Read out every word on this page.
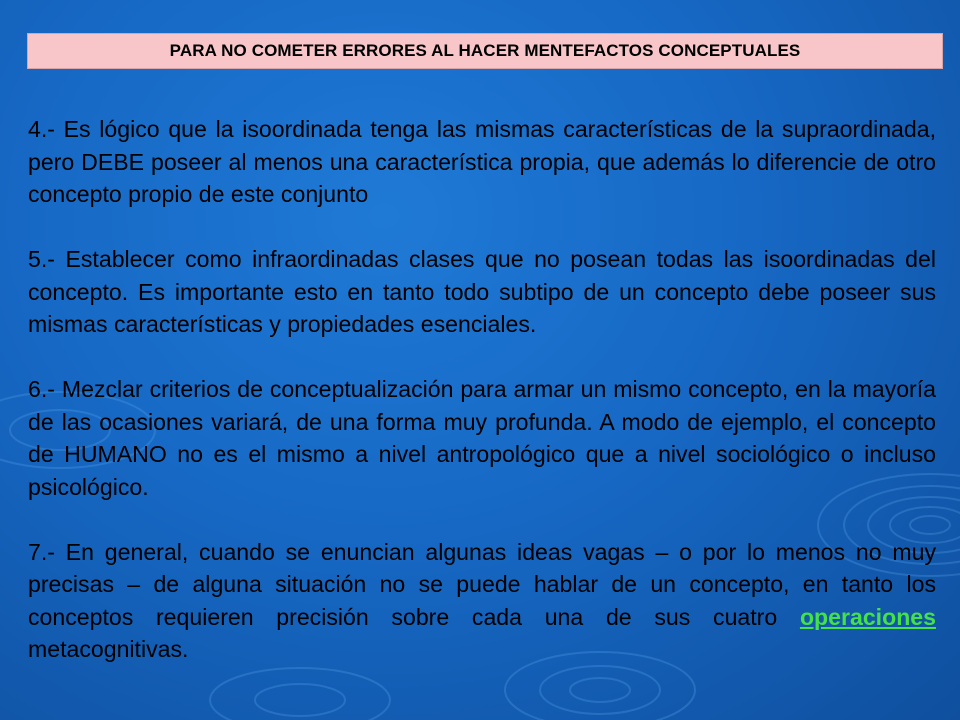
PARA NO COMETER ERRORES AL HACER MENTEFACTOS CONCEPTUALES

4.- Es lógico que la isoordinada tenga las mismas características de la supraordinada, pero DEBE poseer al menos una característica propia, que además lo diferencie de otro concepto propio de este conjunto

5.- Establecer como infraordinadas clases que no posean todas las isoordinadas del concepto. Es importante esto en tanto todo subtipo de un concepto debe poseer sus mismas características y propiedades esenciales.

6.- Mezclar criterios de conceptualización para armar un mismo concepto, en la mayoría de las ocasiones variará, de una forma muy profunda. A modo de ejemplo, el concepto de HUMANO no es el mismo a nivel antropológico que a nivel sociológico o incluso psicológico.

7.- En general, cuando se enuncian algunas ideas vagas – o por lo menos no muy precisas – de alguna situación no se puede hablar de un concepto, en tanto los conceptos requieren precisión sobre cada una de sus cuatro operaciones metacognitivas.
